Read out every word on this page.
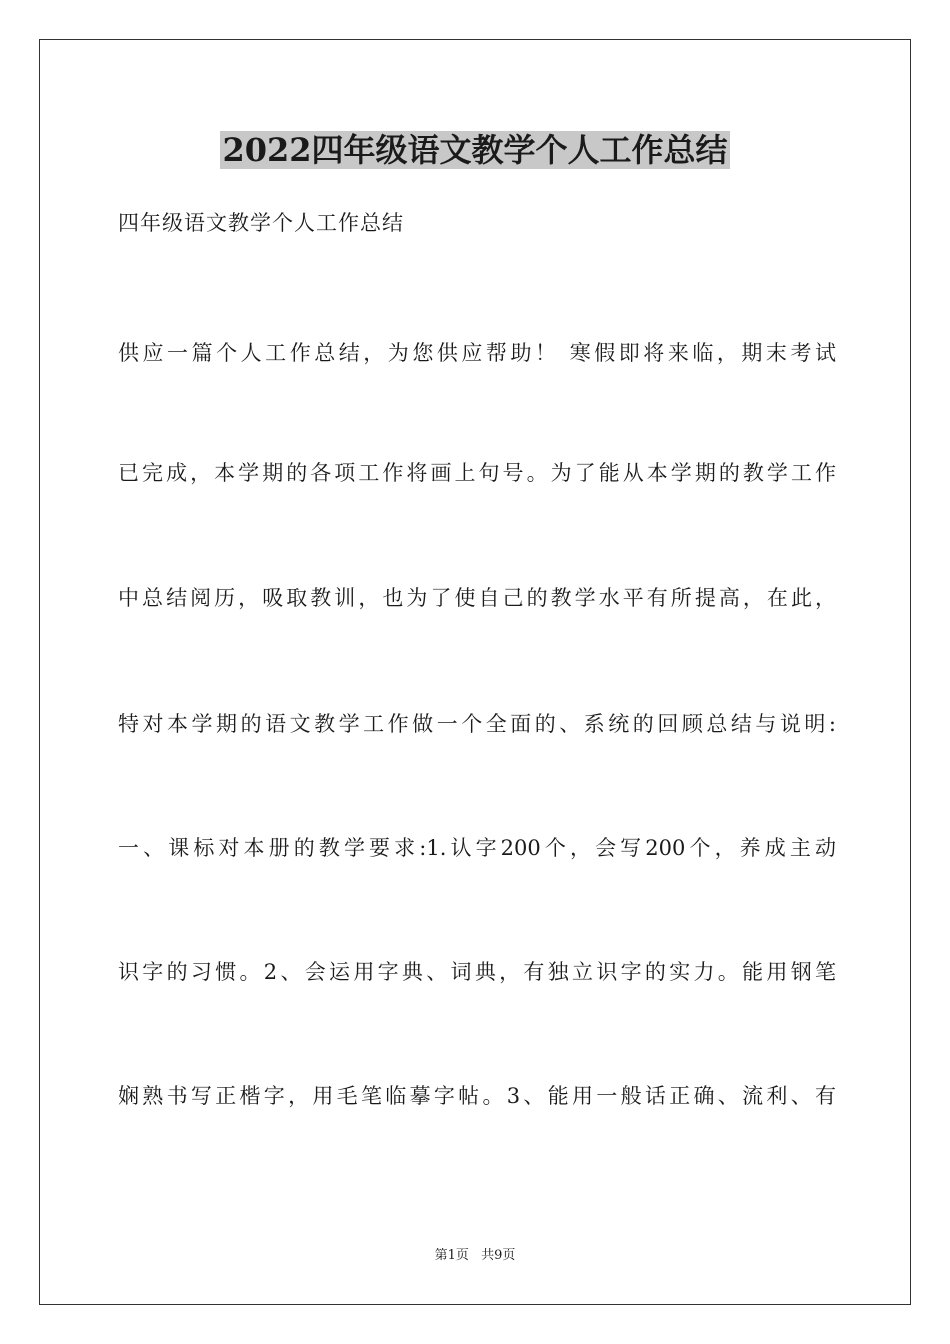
2022四年级语文教学个人工作总结
四年级语文教学个人工作总结
供应一篇个人工作总结，为您供应帮助！ 寒假即将来临，期末考试
已完成，本学期的各项工作将画上句号。为了能从本学期的教学工作
中总结阅历，吸取教训，也为了使自己的教学水平有所提高，在此，
特对本学期的语文教学工作做一个全面的、系统的回顾总结与说明:
一、课标对本册的教学要求:1.认字200个，会写200个，养成主动
识字的习惯。2、会运用字典、词典，有独立识字的实力。能用钢笔
娴熟书写正楷字，用毛笔临摹字帖。3、能用一般话正确、流利、有
第1页 共9页
